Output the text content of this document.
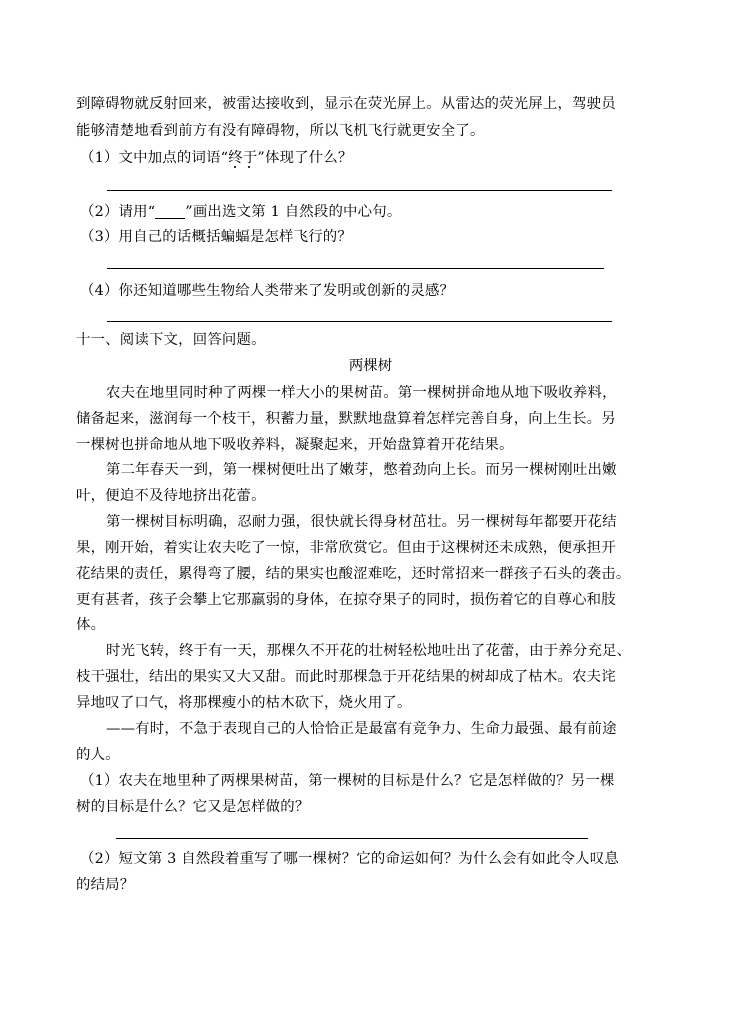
到障碍物就反射回来，被雷达接收到，显示在荧光屏上。从雷达的荧光屏上，驾驶员
能够清楚地看到前方有没有障碍物，所以飞机飞行就更安全了。
（1）文中加点的词语“终于”体现了什么？
（2）请用“ ”画出选文第 1 自然段的中心句。
（3）用自己的话概括蝙蝠是怎样飞行的？
（4）你还知道哪些生物给人类带来了发明或创新的灵感？
十一、阅读下文，回答问题。
两棵树
农夫在地里同时种了两棵一样大小的果树苗。第一棵树拼命地从地下吸收养料，
储备起来，滋润每一个枝干，积蓄力量，默默地盘算着怎样完善自身，向上生长。另
一棵树也拼命地从地下吸收养料，凝聚起来，开始盘算着开花结果。
第二年春天一到，第一棵树便吐出了嫩芽，憋着劲向上长。而另一棵树刚吐出嫩
叶，便迫不及待地挤出花蕾。
第一棵树目标明确，忍耐力强，很快就长得身材茁壮。另一棵树每年都要开花结
果，刚开始，着实让农夫吃了一惊，非常欣赏它。但由于这棵树还未成熟，便承担开
花结果的责任，累得弯了腰，结的果实也酸涩难吃，还时常招来一群孩子石头的袭击。
更有甚者，孩子会攀上它那羸弱的身体，在掠夺果子的同时，损伤着它的自尊心和肢
体。
时光飞转，终于有一天，那棵久不开花的壮树轻松地吐出了花蕾，由于养分充足、
枝干强壮，结出的果实又大又甜。而此时那棵急于开花结果的树却成了枯木。农夫诧
异地叹了口气，将那棵瘦小的枯木砍下，烧火用了。
——有时，不急于表现自己的人恰恰正是最富有竞争力、生命力最强、最有前途
的人。
（1）农夫在地里种了两棵果树苗，第一棵树的目标是什么？它是怎样做的？另一棵
树的目标是什么？它又是怎样做的？
（2）短文第 3 自然段着重写了哪一棵树？它的命运如何？为什么会有如此令人叹息
的结局？
